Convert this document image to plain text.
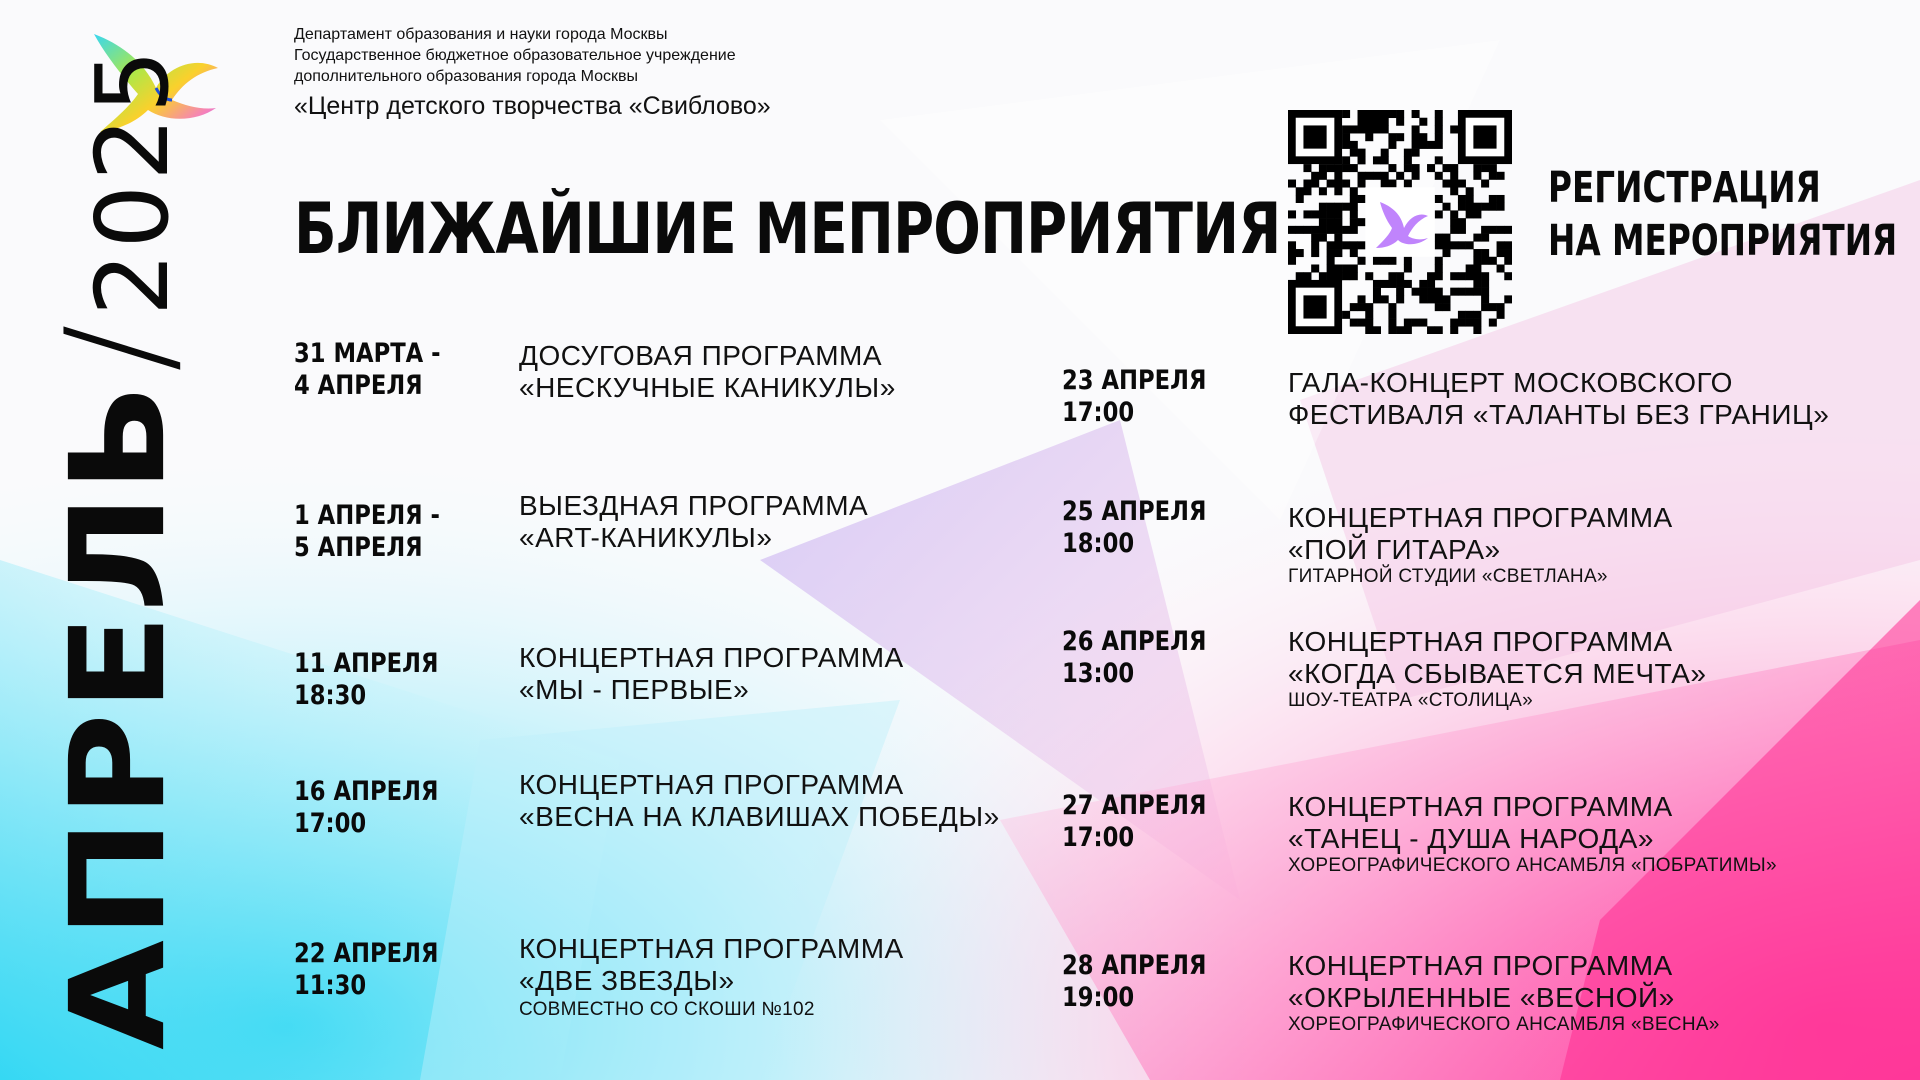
Департамент образования и науки города Москвы
Государственное бюджетное образовательное учреждение
дополнительного образования города Москвы
«Центр детского творчества «Свиблово»
АПРЕЛЬ
/
2025 БЛИЖАЙШИЕ МЕПРОПРИЯТИЯ	РЕГИСТРАЦИЯ
НА МЕРОПРИЯТИЯ
31 МАРТА -
4 АПРЕЛЯ
ДОСУГОВАЯ ПРОГРАММА
«НЕСКУЧНЫЕ КАНИКУЛЫ»
1 АПРЕЛЯ -
5 АПРЕЛЯ
ВЫЕЗДНАЯ ПРОГРАММА
«ART-КАНИКУЛЫ»
11 АПРЕЛЯ
18:30
КОНЦЕРТНАЯ ПРОГРАММА
«МЫ - ПЕРВЫЕ»
16 АПРЕЛЯ
17:00
КОНЦЕРТНАЯ ПРОГРАММА
«ВЕСНА НА КЛАВИШАХ ПОБЕДЫ»
22 АПРЕЛЯ
11:30
КОНЦЕРТНАЯ ПРОГРАММА
«ДВЕ ЗВЕЗДЫ»
СОВМЕСТНО СО СКОШИ №102
23 АПРЕЛЯ
17:00
ГАЛА-КОНЦЕРТ МОСКОВСКОГО
ФЕСТИВАЛЯ «ТАЛАНТЫ БЕЗ ГРАНИЦ»
25 АПРЕЛЯ
18:00
КОНЦЕРТНАЯ ПРОГРАММА
«ПОЙ ГИТАРА»
ГИТАРНОЙ СТУДИИ «СВЕТЛАНА»
26 АПРЕЛЯ
13:00
КОНЦЕРТНАЯ ПРОГРАММА
«КОГДА СБЫВАЕТСЯ МЕЧТА»
ШОУ-ТЕАТРА «СТОЛИЦА»
27 АПРЕЛЯ
17:00
КОНЦЕРТНАЯ ПРОГРАММА
«ТАНЕЦ - ДУША НАРОДА»
ХОРЕОГРАФИЧЕСКОГО АНСАМБЛЯ «ПОБРАТИМЫ»
28 АПРЕЛЯ
19:00
КОНЦЕРТНАЯ ПРОГРАММА
«ОКРЫЛЕННЫЕ «ВЕСНОЙ»
ХОРЕОГРАФИЧЕСКОГО АНСАМБЛЯ «ВЕСНА»
